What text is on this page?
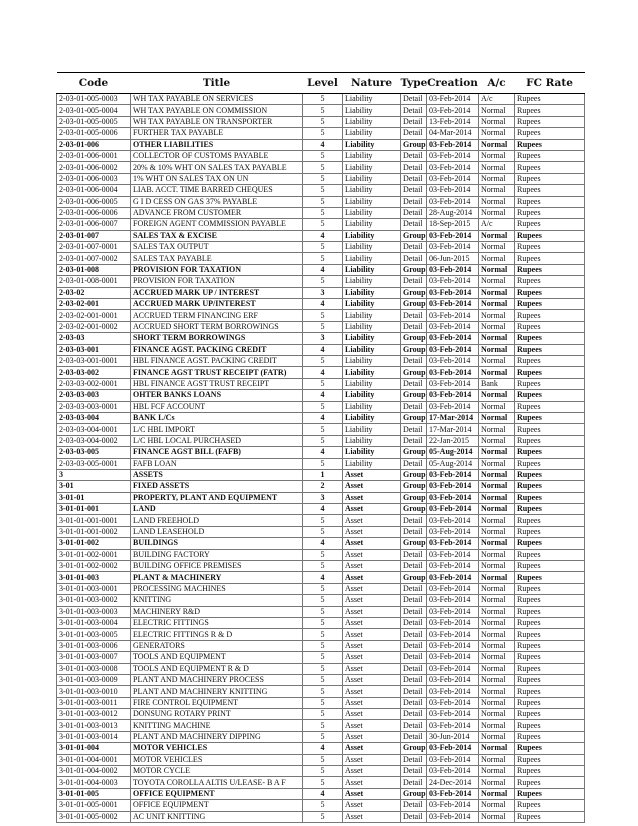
Code	Title	Level	Nature	Type	Creation	A/c	FC Rate
2-03-01-005-0003	WH TAX PAYABLE ON SERVICES	5	Liability	Detail	03-Feb-2014	A/c	Rupees
2-03-01-005-0004	WH TAX PAYABLE ON COMMISSION	5	Liability	Detail	03-Feb-2014	Normal	Rupees
2-03-01-005-0005	WH TAX PAYABLE ON TRANSPORTER	5	Liability	Detail	13-Feb-2014	Normal	Rupees
2-03-01-005-0006	FURTHER TAX PAYABLE	5	Liability	Detail	04-Mar-2014	Normal	Rupees
2-03-01-006	OTHER LIABILITIES	4	Liability	Group	03-Feb-2014	Normal	Rupees
2-03-01-006-0001	COLLECTOR OF CUSTOMS PAYABLE	5	Liability	Detail	03-Feb-2014	Normal	Rupees
2-03-01-006-0002	20% & 10% WHT ON SALES TAX PAYABLE	5	Liability	Detail	03-Feb-2014	Normal	Rupees
2-03-01-006-0003	1% WHT ON SALES TAX ON UN	5	Liability	Detail	03-Feb-2014	Normal	Rupees
2-03-01-006-0004	LIAB. ACCT. TIME BARRED CHEQUES	5	Liability	Detail	03-Feb-2014	Normal	Rupees
2-03-01-006-0005	G I D CESS ON GAS 37% PAYABLE	5	Liability	Detail	03-Feb-2014	Normal	Rupees
2-03-01-006-0006	ADVANCE FROM CUSTOMER	5	Liability	Detail	28-Aug-2014	Normal	Rupees
2-03-01-006-0007	FOREIGN AGENT COMMISSION PAYABLE	5	Liability	Detail	18-Sep-2015	A/c	Rupees
2-03-01-007	SALES TAX & EXCISE	4	Liability	Group	03-Feb-2014	Normal	Rupees
2-03-01-007-0001	SALES TAX OUTPUT	5	Liability	Detail	03-Feb-2014	Normal	Rupees
2-03-01-007-0002	SALES TAX PAYABLE	5	Liability	Detail	06-Jun-2015	Normal	Rupees
2-03-01-008	PROVISION FOR TAXATION	4	Liability	Group	03-Feb-2014	Normal	Rupees
2-03-01-008-0001	PROVISION FOR TAXATION	5	Liability	Detail	03-Feb-2014	Normal	Rupees
2-03-02	ACCRUED MARK UP / INTEREST	3	Liability	Group	03-Feb-2014	Normal	Rupees
2-03-02-001	ACCRUED MARK UP/INTEREST	4	Liability	Group	03-Feb-2014	Normal	Rupees
2-03-02-001-0001	ACCRUED TERM FINANCING ERF	5	Liability	Detail	03-Feb-2014	Normal	Rupees
2-03-02-001-0002	ACCRUED SHORT TERM BORROWINGS	5	Liability	Detail	03-Feb-2014	Normal	Rupees
2-03-03	SHORT TERM BORROWINGS	3	Liability	Group	03-Feb-2014	Normal	Rupees
2-03-03-001	FINANCE AGST. PACKING CREDIT	4	Liability	Group	03-Feb-2014	Normal	Rupees
2-03-03-001-0001	HBL FINANCE AGST. PACKING CREDIT	5	Liability	Detail	03-Feb-2014	Normal	Rupees
2-03-03-002	FINANCE AGST TRUST RECEIPT (FATR)	4	Liability	Group	03-Feb-2014	Normal	Rupees
2-03-03-002-0001	HBL FINANCE AGST TRUST RECEIPT	5	Liability	Detail	03-Feb-2014	Bank	Rupees
2-03-03-003	OHTER BANKS LOANS	4	Liability	Group	03-Feb-2014	Normal	Rupees
2-03-03-003-0001	HBL FCF ACCOUNT	5	Liability	Detail	03-Feb-2014	Normal	Rupees
2-03-03-004	BANK L/Cs	4	Liability	Group	17-Mar-2014	Normal	Rupees
2-03-03-004-0001	L/C HBL IMPORT	5	Liability	Detail	17-Mar-2014	Normal	Rupees
2-03-03-004-0002	L/C HBL LOCAL PURCHASED	5	Liability	Detail	22-Jan-2015	Normal	Rupees
2-03-03-005	FINANCE AGST BILL (FAFB)	4	Liability	Group	05-Aug-2014	Normal	Rupees
2-03-03-005-0001	FAFB LOAN	5	Liability	Detail	05-Aug-2014	Normal	Rupees
3	ASSETS	1	Asset	Group	03-Feb-2014	Normal	Rupees
3-01	FIXED ASSETS	2	Asset	Group	03-Feb-2014	Normal	Rupees
3-01-01	PROPERTY, PLANT AND EQUIPMENT	3	Asset	Group	03-Feb-2014	Normal	Rupees
3-01-01-001	LAND	4	Asset	Group	03-Feb-2014	Normal	Rupees
3-01-01-001-0001	LAND FREEHOLD	5	Asset	Detail	03-Feb-2014	Normal	Rupees
3-01-01-001-0002	LAND LEASEHOLD	5	Asset	Detail	03-Feb-2014	Normal	Rupees
3-01-01-002	BUILDINGS	4	Asset	Group	03-Feb-2014	Normal	Rupees
3-01-01-002-0001	BUILDING FACTORY	5	Asset	Detail	03-Feb-2014	Normal	Rupees
3-01-01-002-0002	BUILDING OFFICE PREMISES	5	Asset	Detail	03-Feb-2014	Normal	Rupees
3-01-01-003	PLANT & MACHINERY	4	Asset	Group	03-Feb-2014	Normal	Rupees
3-01-01-003-0001	PROCESSING MACHINES	5	Asset	Detail	03-Feb-2014	Normal	Rupees
3-01-01-003-0002	KNITTING	5	Asset	Detail	03-Feb-2014	Normal	Rupees
3-01-01-003-0003	MACHINERY R&D	5	Asset	Detail	03-Feb-2014	Normal	Rupees
3-01-01-003-0004	ELECTRIC FITTINGS	5	Asset	Detail	03-Feb-2014	Normal	Rupees
3-01-01-003-0005	ELECTRIC FITTINGS R & D	5	Asset	Detail	03-Feb-2014	Normal	Rupees
3-01-01-003-0006	GENERATORS	5	Asset	Detail	03-Feb-2014	Normal	Rupees
3-01-01-003-0007	TOOLS AND EQUIPMENT	5	Asset	Detail	03-Feb-2014	Normal	Rupees
3-01-01-003-0008	TOOLS AND EQUIPMENT R & D	5	Asset	Detail	03-Feb-2014	Normal	Rupees
3-01-01-003-0009	PLANT AND MACHINERY PROCESS	5	Asset	Detail	03-Feb-2014	Normal	Rupees
3-01-01-003-0010	PLANT AND MACHINERY KNITTING	5	Asset	Detail	03-Feb-2014	Normal	Rupees
3-01-01-003-0011	FIRE CONTROL EQUIPMENT	5	Asset	Detail	03-Feb-2014	Normal	Rupees
3-01-01-003-0012	DONSUNG ROTARY PRINT	5	Asset	Detail	03-Feb-2014	Normal	Rupees
3-01-01-003-0013	KNITTING MACHINE	5	Asset	Detail	03-Feb-2014	Normal	Rupees
3-01-01-003-0014	PLANT AND MACHINERY DIPPING	5	Asset	Detail	30-Jun-2014	Normal	Rupees
3-01-01-004	MOTOR VEHICLES	4	Asset	Group	03-Feb-2014	Normal	Rupees
3-01-01-004-0001	MOTOR VEHICLES	5	Asset	Detail	03-Feb-2014	Normal	Rupees
3-01-01-004-0002	MOTOR CYCLE	5	Asset	Detail	03-Feb-2014	Normal	Rupees
3-01-01-004-0003	TOYOTA COROLLA ALTIS U/LEASE- B A F	5	Asset	Detail	24-Dec-2014	Normal	Rupees
3-01-01-005	OFFICE EQUIPMENT	4	Asset	Group	03-Feb-2014	Normal	Rupees
3-01-01-005-0001	OFFICE EQUIPMENT	5	Asset	Detail	03-Feb-2014	Normal	Rupees
3-01-01-005-0002	AC UNIT KNITTING	5	Asset	Detail	03-Feb-2014	Normal	Rupees
